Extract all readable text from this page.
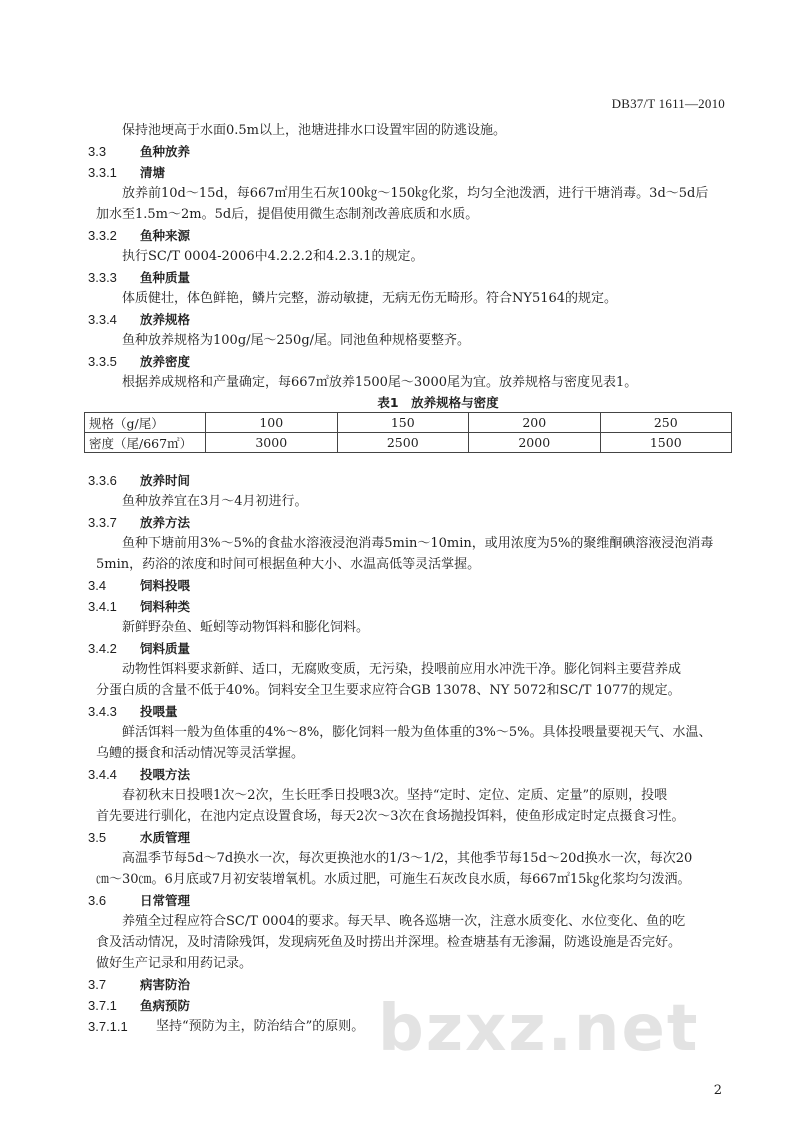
DB37/T 1611—2010
保持池埂高于水面0.5m以上，池塘进排水口设置牢固的防逃设施。
3.3	鱼种放养
3.3.1	清塘
放养前10d～15d，每667㎡用生石灰100㎏～150㎏化浆，均匀全池泼洒，进行干塘消毒。3d～5d后
加水至1.5m～2m。5d后，提倡使用微生态制剂改善底质和水质。
3.3.2	鱼种来源
执行SC/T 0004-2006中4.2.2.2和4.2.3.1的规定。
3.3.3	鱼种质量
体质健壮，体色鲜艳，鳞片完整，游动敏捷，无病无伤无畸形。符合NY5164的规定。
3.3.4	放养规格
鱼种放养规格为100g/尾～250g/尾。同池鱼种规格要整齐。
3.3.5	放养密度
根据养成规格和产量确定，每667㎡放养1500尾～3000尾为宜。放养规格与密度见表1。
表1　放养规格与密度
规格（g/尾）	100	150	200	250
密度（尾/667㎡）	3000	2500	2000	1500
3.3.6	放养时间
鱼种放养宜在3月～4月初进行。
3.3.7	放养方法
鱼种下塘前用3%～5%的食盐水溶液浸泡消毒5min～10min，或用浓度为5%的聚维酮碘溶液浸泡消毒
5min，药浴的浓度和时间可根据鱼种大小、水温高低等灵活掌握。
3.4	饲料投喂
3.4.1	饲料种类
新鲜野杂鱼、蚯蚓等动物饵料和膨化饲料。
3.4.2	饲料质量
动物性饵料要求新鲜、适口，无腐败变质，无污染，投喂前应用水冲洗干净。膨化饲料主要营养成
分蛋白质的含量不低于40%。饲料安全卫生要求应符合GB 13078、NY 5072和SC/T 1077的规定。
3.4.3	投喂量
鲜活饵料一般为鱼体重的4%～8%，膨化饲料一般为鱼体重的3%～5%。具体投喂量要视天气、水温、
乌鳢的摄食和活动情况等灵活掌握。
3.4.4	投喂方法
春初秋末日投喂1次～2次，生长旺季日投喂3次。坚持“定时、定位、定质、定量”的原则，投喂
首先要进行驯化，在池内定点设置食场，每天2次～3次在食场抛投饵料，使鱼形成定时定点摄食习性。
3.5	水质管理
高温季节每5d～7d换水一次，每次更换池水的1/3～1/2，其他季节每15d～20d换水一次，每次20
㎝～30㎝。6月底或7月初安装增氧机。水质过肥，可施生石灰改良水质，每667㎡15㎏化浆均匀泼洒。
3.6	日常管理
养殖全过程应符合SC/T 0004的要求。每天早、晚各巡塘一次，注意水质变化、水位变化、鱼的吃
食及活动情况，及时清除残饵，发现病死鱼及时捞出并深埋。检查塘基有无渗漏，防逃设施是否完好。
做好生产记录和用药记录。
3.7	病害防治
3.7.1	鱼病预防
3.7.1.1	坚持“预防为主，防治结合”的原则。
2
bzxz.net
